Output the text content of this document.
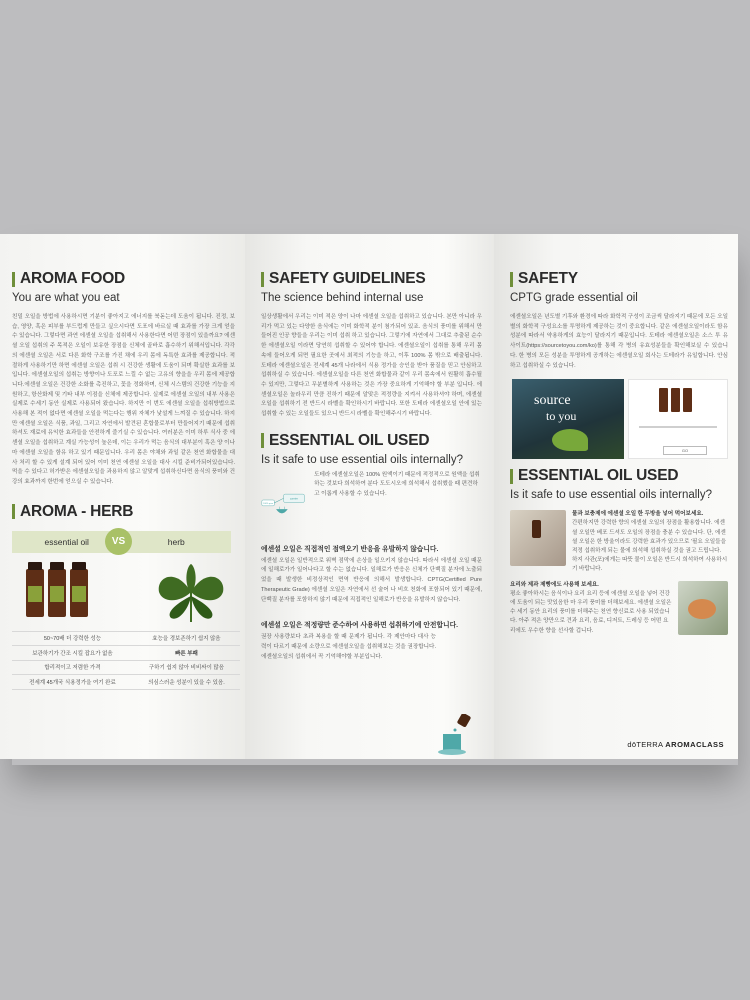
AROMA FOOD
You are what you eat

친밀 오일을 방법에 사용하시면 기분이 좋아지고 에너지를 북돋는데 도움이 됩니다. 진정, 보습, 영양, 혹은 피부를 부드럽게 만들고 싶으시다면 도포에 바르실 때 효과를 가장 크게 얻을 수 있습니다. 그렇다면 과연 에센셜 오일을 섭취해서 사용한다면 어떤 장점이 있을까요? 에센셜 오일 섭취의 주 목적은 오일이 보유한 장점을 신체에 골바로 흡수하기 위해서입니다. 각각의 에센셜 오일은 서로 다른 화학 구조를 가진 채에 우리 몸에 독특한 효과를 제공합니다. 적절하게 사용하기만 하면 에센셜 오일은 섭취 시 건강한 생활에 도움이 되며 확실한 효과를 보입니다. 에센셜오일의 섭취는 방향이나 도포로 느낄 수 없는 고유의 향을을 우리 몸에 제공합니다.에센셜 오일은 건강한 소화를 촉진하고, 꽃을 정화하며, 신체 시스템의 건강한 기능을 지원하고, 항산화제 및 기타 내부 이점을 신체에 제공합니다. 실제로 에센셜 오일의 내부 사용은 실제로 수세기 동안 실제로 사용되어 왔습니다. 하지만 이 번도 에센셜 오일을 섭취방법으로 사용해 본 적이 없다면 에센셜 오일을 먹는다는 행위 자체가 낯설게 느껴질 수 있습니다. 하지만 에센셜 오일은 식품, 과일, 그리고 자연에서 발견된 혼합물로부터 만들어지기 때문에 섭취하셔도 재료에 유익한 효과들을 안전하게 즐기실 수 있습니다. 여러분은 이미 하루 식사 중 에센셜 오일을 섭취하고 계실 가능성이 높은데, 이는 우리가 먹는 음식의 대부분이 혹은 양 이나마 에센셜 오일을 함유 하고 있기 때문입니다. 우리 몸은 야채와 과일 같은 천연 화합물을 대사 처리 할 수 있게 설계 되어 있어 이미 천연 에센셜 오일을 대사 시킬 준비가되어있습니다. 먹을 수 있다고 허가받은 에센셜오일을 과용하지 않고 알맞게 섭취하신다면 음식의 풍미와 건강의 효과까지 한번에 얻으실 수 있습니다.

AROMA - HERB
essential oil	herb
VS
50~70배 더 강력한 성능	효능을 경보존하기 쉽지 않음
보관하기가 간조 시킬 잡요가 없음	빠른 부패
합리적이고 저렴한 가격	구하기 쉽지 않아 비비싸이 많음
전세계 45개국 식용정가을 여기 완료	의심스러운 성분이 있을 수 있음.
SAFETY GUIDELINES
The science behind internal use

일상생활에서 우리는 이미 적은 양이 나마 에센셜 오일을 섭취하고 있습니다. 본만 아니라 우리가 먹고 있는 다양한 음식에는 이미 화학적 분이 첨가되어 있죠. 음식의 풍미를 위해서 만들어진 인공 향들을 우리는 이미 섭취 하고 있습니다. 그렇기에 자연에서 그대로 추출된 순수한 에센셜오일 이라면 당연히 섭취할 수 있어야 합니다. 에센셜오일이 섭취를 통해 우리 몸 속에 들어오게 되면 필요한 곳에서 최적의 기능을 하고, 이후 100% 몸 밖으로 배출됩니다. 도테라 에센셜오일은 전세계 45개 나라에서 식용 정가을 승인을 받아 품질을 믿고 안심하고 섭취하실 수 있습니다. 에센셜오일을 다른 천연 화합물과 같이 우리 몸속에서 원활히 흡수될 수 있지만, 그렇다고 무분별하게 사용하는 것은 가장 중요하게 기억해야 할 부분 입니다. 에센셜오일은 놀라우리 만큼 진하기 때문에 알맞은 적정량을 지켜서 사용하셔야 하며, 에센셜오일을 섭취하기 전 반드시 라벨을 확인하시기 바랍니다. 또한 도테라 에센셜오일 안에 있는 섭취할 수 있는 오일들도 있으니 반드시 라벨을 확인해주시기 바랍니다.

ESSENTIAL OIL USED
Is it safe to use essential oils internally?
100% pure
carrier
도테라 에센셜오일은 100% 원액이기 때문에 적정적으로 원액을 섭취하는 것보다 희석하여 분다 도도시오에 희석해서 섭취했을 때 편견하고 이롭게 사용할 수 있습니다.
에센셜 오일은 직접적인 점액오기 반응을 유발하지 않습니다.

에센셜 오일은 일반적으로 위벽 점막에 손상을 일으키지 않습니다. 따라서 에센셜 오일 때문에 일해로가가 일어나다고 할 수는 없습니다. 일해로가 반응은 신체가 단백질 분자에 노출되었을 때 발생한 비정상적인 면역 반응에 의해서 발생합니다. CPTG(Certified Pure Therapeutic Grade) 에센셜 오일은 자연에서 선 술어 나 비흐 천화에 포함되어 있기 때문에, 단백질 분자를 포함하지 않기 때문에 직접적인 일해로가 반응을 유발하지 않습니다.

에센셜 오일은 적정량만 준수하여 사용하면 섭취하기에 안전합니다.

권장 사용량보다 초과 복용을 할 때 문제가 됩니다. 각 제안마다 대사 능력이 다르기 때문에 소량으로 에센셜오일을 섭취해보는 것을 권장합니다. 에센셜오일의 섭취에서 꼭 기억해야할 부분입니다.

SAFETY
CPTG grade essential oil

에센셜오일은 년도별 기후와 환경에 따라 화학적 구성이 조금씩 달라지기 때문에 모든 오일 별의 화학적 구성요소를 투명하게 제공하는 것이 중요합니다. 같은 에센셜오일이라도 함유 성분에 따라서 약용하게의 효능이 달라지기 때문입니다. 도테라 에센셜오일은 소스 투 유 사이트(https://sourcetoyou.com/ko)를 통해 각 병의 유효성분들을 확인해보실 수 있습니다. 한 병의 모든 성분을 투명하게 공개하는 에센셜오일 회사는 도테라가 유일합니다. 안심하고 섭취하실 수 있습니다.

source
to you
GO
ESSENTIAL OIL USED
Is it safe to use essential oils internally?
물과 보충제에 에센셜 오일 한 두방울 넣어 먹어보세요.
간편하지만 강력한 향의 에센셜 오일의 장점을 활용합니다. 에센셜 오일만 베포 드셔도 오일의 장점을 충분 수 있습니다. 단, 에센셜 오일은 한 방울이라도 강력한 효과가 있으므로 '필요 오일들을 적정 섭취하게 되는 물에 희석해 섭취하실 것을 권고 드립니다. 하지 사관(포)에게는 따뜻 물이 오일은 반드시 희석하여 사용하시기 바랍니다.
요리와 제과 제빵에도 사용해 보세요.
평소 좋아하시는 음식이나 요리 요리 등에 에센셜 오일을 넣어 건강에 도움이 되는 맛있음한 마 우리 풍미를 더해보세요. 에센셜 오일은 수 세기 동안 요리의 풍미를 더해주는 천연 향신료로 사용 되었습니다. 아주 적은 양만으로 견과 요리, 음료, 디저트, 드레싱 등 어떤 요리에도 우수한 향을 선사할 겁니다.
dōTERRA AROMACLASS
